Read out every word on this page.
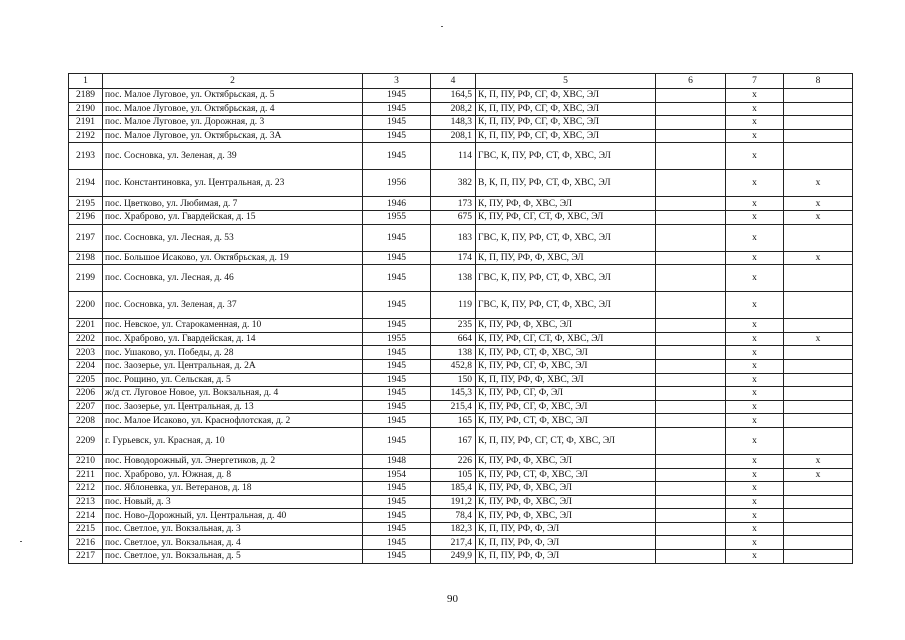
1	2	3	4	5	6	7	8
2189	пос. Малое Луговое, ул. Октябрьская, д. 5	1945	164,5	К, П, ПУ, РФ, СГ, Ф, ХВС, ЭЛ		х	
2190	пос. Малое Луговое, ул. Октябрьская, д. 4	1945	208,2	К, П, ПУ, РФ, СГ, Ф, ХВС, ЭЛ		х	
2191	пос. Малое Луговое, ул. Дорожная, д. 3	1945	148,3	К, П, ПУ, РФ, СГ, Ф, ХВС, ЭЛ		х	
2192	пос. Малое Луговое, ул. Октябрьская, д. 3А	1945	208,1	К, П, ПУ, РФ, СГ, Ф, ХВС, ЭЛ		х	
2193	пос. Сосновка, ул. Зеленая, д. 39	1945	114	ГВС, К, ПУ, РФ, СТ, Ф, ХВС, ЭЛ		х	
2194	пос. Константиновка, ул. Центральная, д. 23	1956	382	В, К, П, ПУ, РФ, СТ, Ф, ХВС, ЭЛ		х	х
2195	пос. Цветково, ул. Любимая, д. 7	1946	173	К, ПУ, РФ, Ф, ХВС, ЭЛ		х	х
2196	пос. Храброво, ул. Гвардейская, д. 15	1955	675	К, ПУ, РФ, СГ, СТ, Ф, ХВС, ЭЛ		х	х
2197	пос. Сосновка, ул. Лесная, д. 53	1945	183	ГВС, К, ПУ, РФ, СТ, Ф, ХВС, ЭЛ		х	
2198	пос. Большое Исаково, ул. Октябрьская, д. 19	1945	174	К, П, ПУ, РФ, Ф, ХВС, ЭЛ		х	х
2199	пос. Сосновка, ул. Лесная, д. 46	1945	138	ГВС, К, ПУ, РФ, СТ, Ф, ХВС, ЭЛ		х	
2200	пос. Сосновка, ул. Зеленая, д. 37	1945	119	ГВС, К, ПУ, РФ, СТ, Ф, ХВС, ЭЛ		х	
2201	пос. Невское, ул. Старокаменная, д. 10	1945	235	К, ПУ, РФ, Ф, ХВС, ЭЛ		х	
2202	пос. Храброво, ул. Гвардейская, д. 14	1955	664	К, ПУ, РФ, СГ, СТ, Ф, ХВС, ЭЛ		х	х
2203	пос. Ушаково, ул. Победы, д. 28	1945	138	К, ПУ, РФ, СТ, Ф, ХВС, ЭЛ		х	
2204	пос. Заозерье, ул. Центральная, д. 2А	1945	452,8	К, ПУ, РФ, СГ, Ф, ХВС, ЭЛ		х	
2205	пос. Рощино, ул. Сельская, д. 5	1945	150	К, П, ПУ, РФ, Ф, ХВС, ЭЛ		х	
2206	ж/д ст. Луговое Новое, ул. Вокзальная, д. 4	1945	145,3	К, ПУ, РФ, СГ, Ф, ЭЛ		х	
2207	пос. Заозерье, ул. Центральная, д. 13	1945	215,4	К, ПУ, РФ, СГ, Ф, ХВС, ЭЛ		х	
2208	пос. Малое Исаково, ул. Краснофлотская, д. 2	1945	165	К, ПУ, РФ, СТ, Ф, ХВС, ЭЛ		х	
2209	г. Гурьевск, ул. Красная, д. 10	1945	167	К, П, ПУ, РФ, СГ, СТ, Ф, ХВС, ЭЛ		х	
2210	пос. Новодорожный, ул. Энергетиков, д. 2	1948	226	К, ПУ, РФ, Ф, ХВС, ЭЛ		х	х
2211	пос. Храброво, ул. Южная, д. 8	1954	105	К, ПУ, РФ, СТ, Ф, ХВС, ЭЛ		х	х
2212	пос. Яблоневка, ул. Ветеранов, д. 18	1945	185,4	К, ПУ, РФ, Ф, ХВС, ЭЛ		х	
2213	пос. Новый, д. 3	1945	191,2	К, ПУ, РФ, Ф, ХВС, ЭЛ		х	
2214	пос. Ново-Дорожный, ул. Центральная, д. 40	1945	78,4	К, ПУ, РФ, Ф, ХВС, ЭЛ		х	
2215	пос. Светлое, ул. Вокзальная, д. 3	1945	182,3	К, П, ПУ, РФ, Ф, ЭЛ		х	
2216	пос. Светлое, ул. Вокзальная, д. 4	1945	217,4	К, П, ПУ, РФ, Ф, ЭЛ		х	
2217	пос. Светлое, ул. Вокзальная, д. 5	1945	249,9	К, П, ПУ, РФ, Ф, ЭЛ		х	
90
